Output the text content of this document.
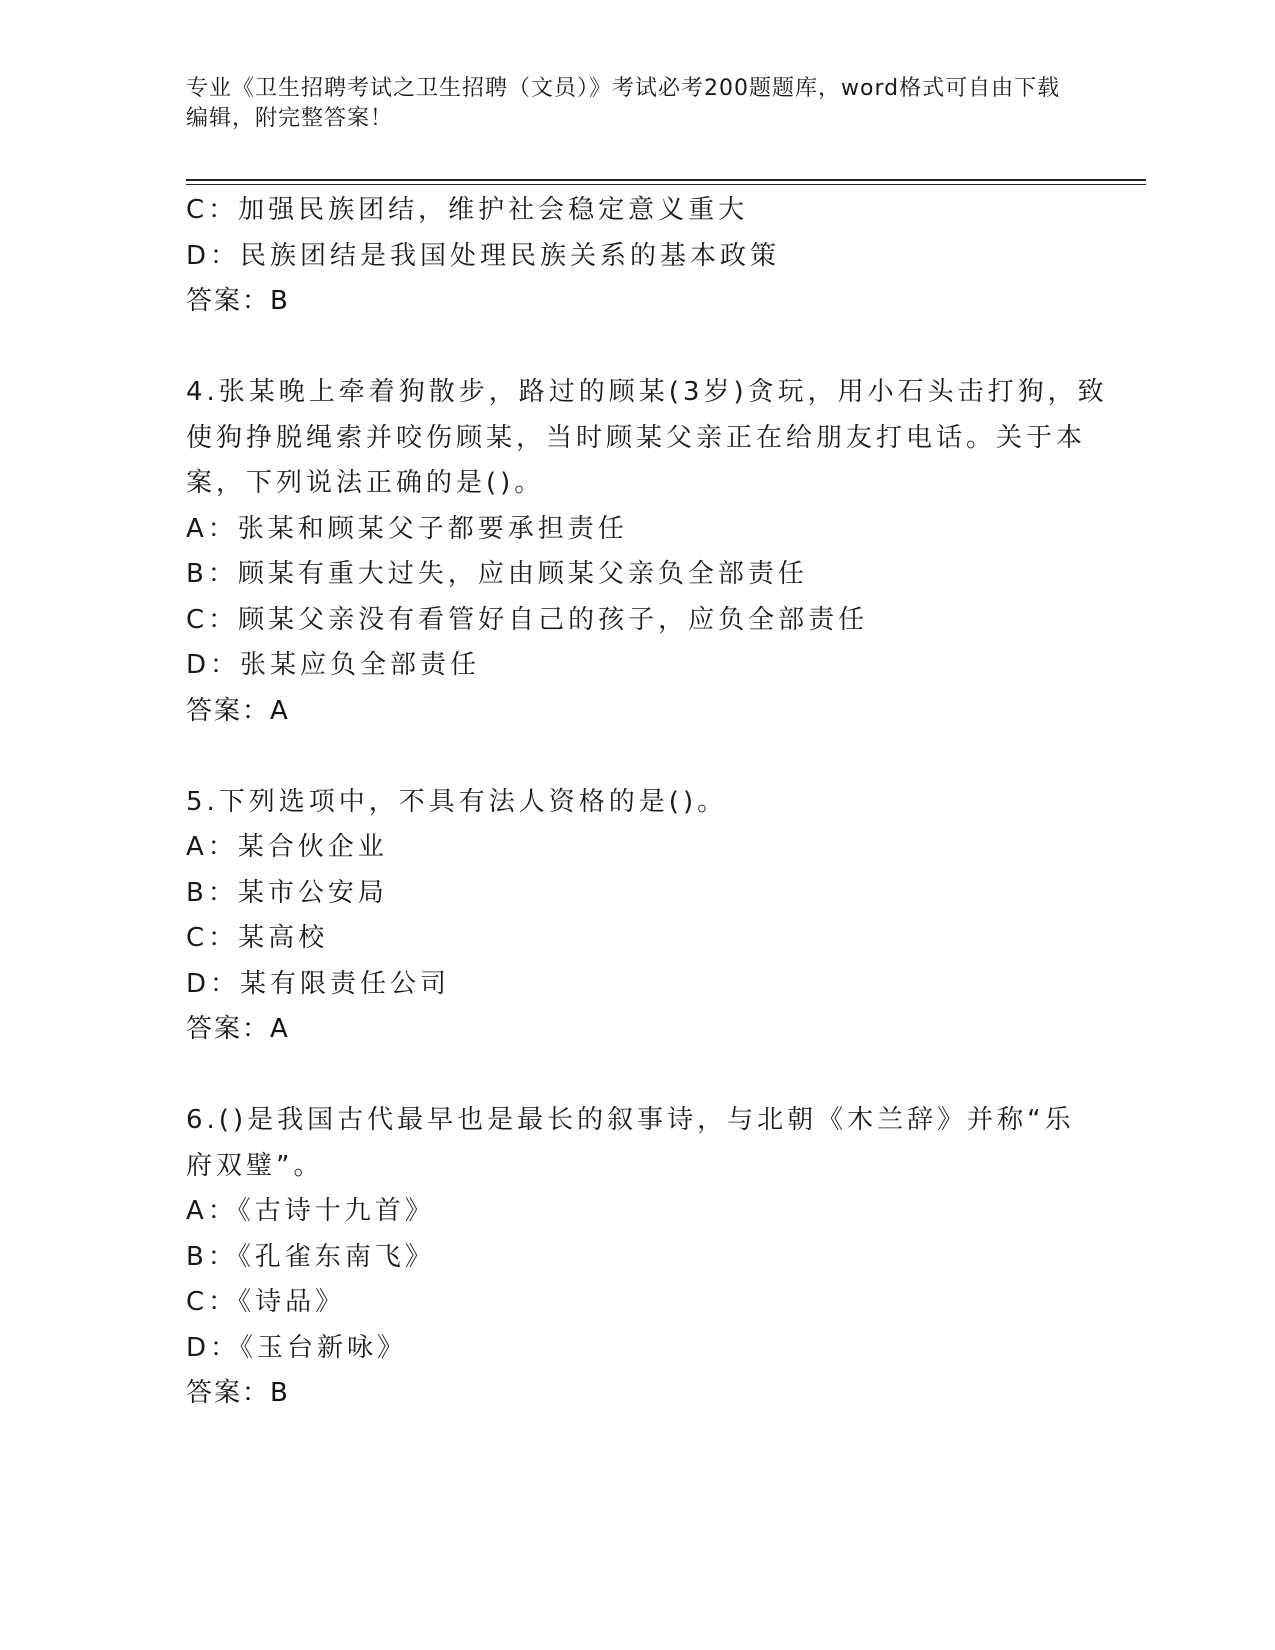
专业《卫生招聘考试之卫生招聘（文员）》考试必考200题题库，word格式可自由下载编辑，附完整答案！
C：加强民族团结，维护社会稳定意义重大
D：民族团结是我国处理民族关系的基本政策
答案：B
4.张某晚上牵着狗散步，路过的顾某(3岁)贪玩，用小石头击打狗，致
使狗挣脱绳索并咬伤顾某，当时顾某父亲正在给朋友打电话。关于本
案，下列说法正确的是()。
A：张某和顾某父子都要承担责任
B：顾某有重大过失，应由顾某父亲负全部责任
C：顾某父亲没有看管好自己的孩子，应负全部责任
D：张某应负全部责任
答案：A
5.下列选项中，不具有法人资格的是()。
A：某合伙企业
B：某市公安局
C：某高校
D：某有限责任公司
答案：A
6.()是我国古代最早也是最长的叙事诗，与北朝《木兰辞》并称“乐
府双璧”。
A：《古诗十九首》
B：《孔雀东南飞》
C：《诗品》
D：《玉台新咏》
答案：B
